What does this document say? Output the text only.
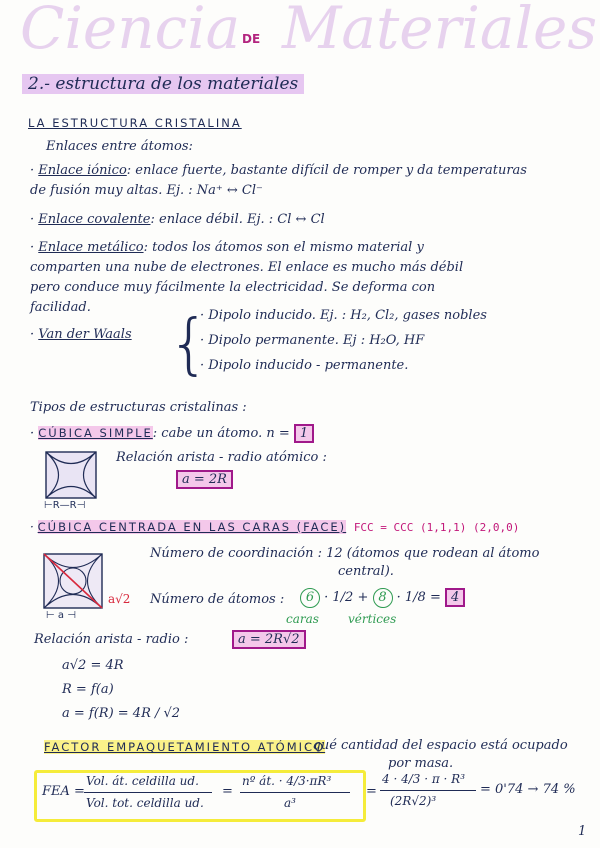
Ciencia DE Materiales
2.- estructura de los materiales
LA ESTRUCTURA CRISTALINA
Enlaces entre átomos:
· Enlace iónico: enlace fuerte, bastante difícil de romper y da temperaturas
de fusión muy altas. Ej. : Na⁺ ↔ Cl⁻
· Enlace covalente: enlace débil. Ej. : Cl ↔ Cl
· Enlace metálico: todos los átomos son el mismo material y
comparten una nube de electrones. El enlace es mucho más débil
pero conduce muy fácilmente la electricidad. Se deforma con
facilidad.
· Van der Waals {
· Dipolo inducido. Ej. : H₂, Cl₂, gases nobles
· Dipolo permanente. Ej : H₂O, HF
· Dipolo inducido - permanente.
Tipos de estructuras cristalinas :
· CÚBICA SIMPLE: cabe un átomo. n = 1
⊢R—R⊣
Relación arista - radio atómico :
a = 2R
· CÚBICA CENTRADA EN LAS CARAS (FACE) FCC = CCC (1,1,1) (2,0,0)
Número de coordinación : 12 (átomos que rodean al átomo
central).
a√2
⊢ a ⊣
Número de átomos :	6 · 1/2 + 8 · 1/8 = 4
caras vértices
Relación arista - radio :	a = 2R√2
a√2 = 4R
R = f(a)
a = f(R) = 4R / √2
FACTOR EMPAQUETAMIENTO ATÓMICO
: qué cantidad del espacio está ocupado
por masa.
FEA =
Vol. át. celdilla ud.
Vol. tot. celdilla ud.
=
nº át. · 4/3·πR³
a³
=
4 · 4/3 · π · R³
(2R√2)³
= 0'74 → 74 %
1
